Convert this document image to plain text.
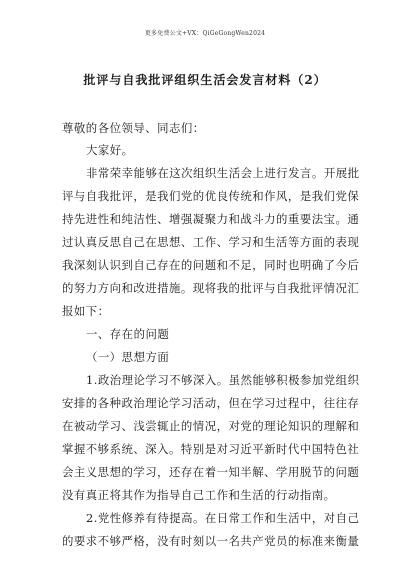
更多免费公文+VX：QiGeGongWen2024
批评与自我批评组织生活会发言材料（2）
尊敬的各位领导、同志们：
大家好。
非常荣幸能够在这次组织生活会上进行发言。开展批
评与自我批评，是我们党的优良传统和作风，是我们党保
持先进性和纯洁性、增强凝聚力和战斗力的重要法宝。通
过认真反思自己在思想、工作、学习和生活等方面的表现
我深刻认识到自己存在的问题和不足，同时也明确了今后
的努力方向和改进措施。现将我的批评与自我批评情况汇
报如下：
一、存在的问题
（一）思想方面
1.政治理论学习不够深入。虽然能够积极参加党组织
安排的各种政治理论学习活动，但在学习过程中，往往存
在被动学习、浅尝辄止的情况，对党的理论知识的理解和
掌握不够系统、深入。特别是对习近平新时代中国特色社
会主义思想的学习，还存在着一知半解、学用脱节的问题
没有真正将其作为指导自己工作和生活的行动指南。
2.党性修养有待提高。在日常工作和生活中，对自己
的要求不够严格，没有时刻以一名共产党员的标准来衡量
